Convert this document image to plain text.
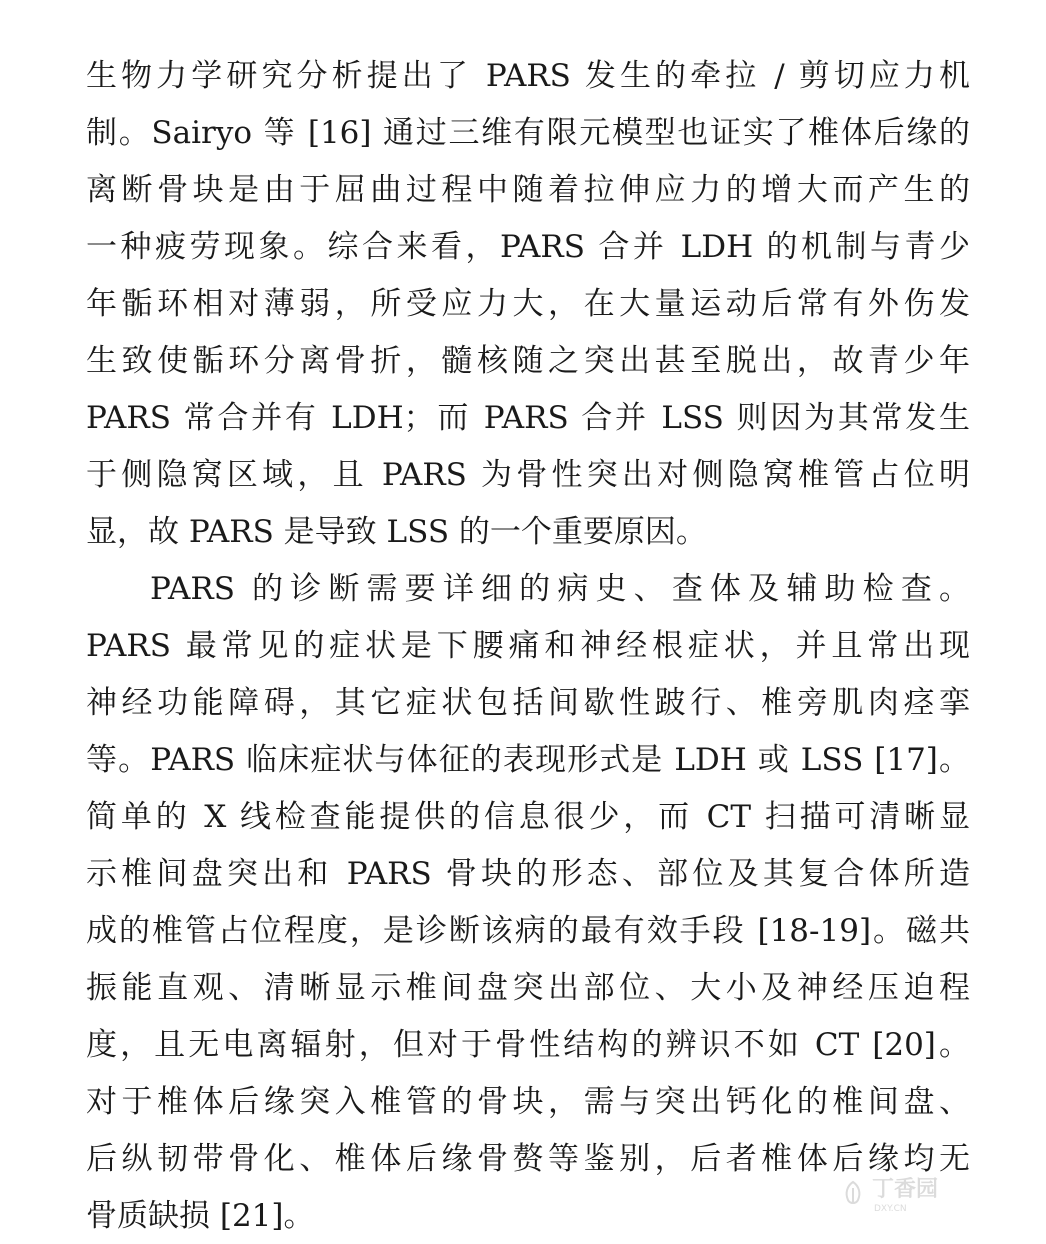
生物力学研究分析提出了 PARS 发生的牵拉 / 剪切应力机
制。Sairyo 等 [16] 通过三维有限元模型也证实了椎体后缘的
离断骨块是由于屈曲过程中随着拉伸应力的增大而产生的
一种疲劳现象。综合来看，PARS 合并 LDH 的机制与青少
年骺环相对薄弱，所受应力大，在大量运动后常有外伤发
生致使骺环分离骨折，髓核随之突出甚至脱出，故青少年
PARS 常合并有 LDH；而 PARS 合并 LSS 则因为其常发生
于侧隐窝区域，且 PARS 为骨性突出对侧隐窝椎管占位明
显，故 PARS 是导致 LSS 的一个重要原因。
PARS 的诊断需要详细的病史、查体及辅助检查。
PARS 最常见的症状是下腰痛和神经根症状，并且常出现
神经功能障碍，其它症状包括间歇性跛行、椎旁肌肉痉挛
等。PARS 临床症状与体征的表现形式是 LDH 或 LSS [17]。
简单的 X 线检查能提供的信息很少，而 CT 扫描可清晰显
示椎间盘突出和 PARS 骨块的形态、部位及其复合体所造
成的椎管占位程度，是诊断该病的最有效手段 [18-19]。磁共
振能直观、清晰显示椎间盘突出部位、大小及神经压迫程
度，且无电离辐射，但对于骨性结构的辨识不如 CT [20]。
对于椎体后缘突入椎管的骨块，需与突出钙化的椎间盘、
后纵韧带骨化、椎体后缘骨赘等鉴别，后者椎体后缘均无
骨质缺损 [21]。
丁香园
DXY.CN
